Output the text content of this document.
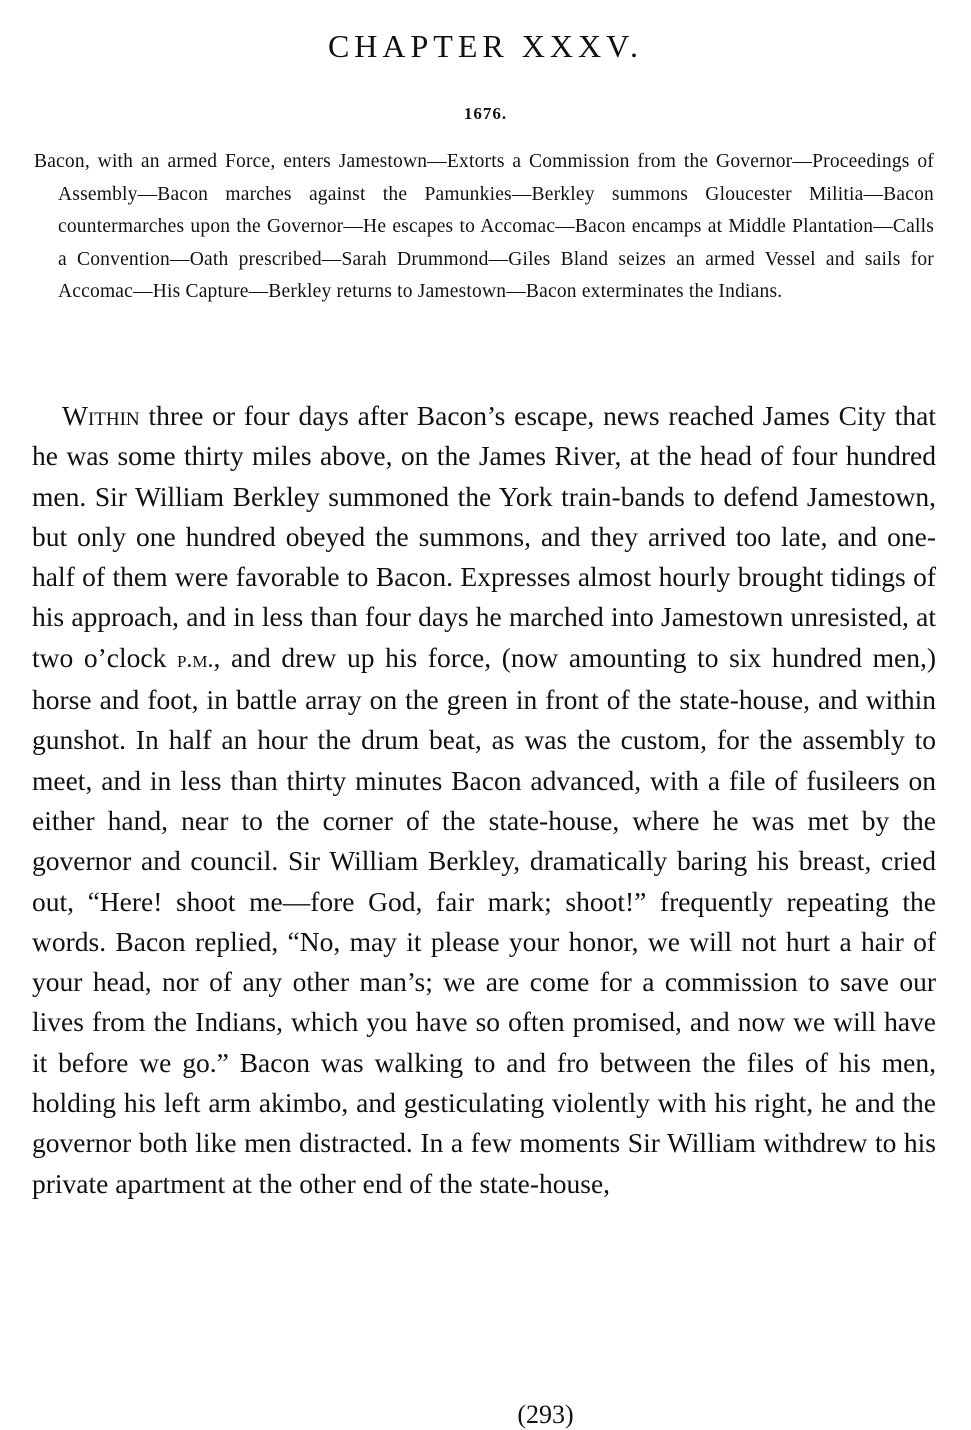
CHAPTER XXXV.
1676.

Bacon, with an armed Force, enters Jamestown—Extorts a Commission from the Governor—Proceedings of Assembly—Bacon marches against the Pamunkies—Berkley summons Gloucester Militia—Bacon countermarches upon the Governor—He escapes to Accomac—Bacon encamps at Middle Plantation—Calls a Convention—Oath prescribed—Sarah Drummond—Giles Bland seizes an armed Vessel and sails for Accomac—His Capture—Berkley returns to Jamestown—Bacon exterminates the Indians.

Within three or four days after Bacon’s escape, news reached James City that he was some thirty miles above, on the James River, at the head of four hundred men. Sir William Berkley summoned the York train-bands to defend Jamestown, but only one hundred obeyed the summons, and they arrived too late, and one-half of them were favorable to Bacon. Expresses almost hourly brought tidings of his approach, and in less than four days he marched into Jamestown unresisted, at two o’clock p.m., and drew up his force, (now amounting to six hundred men,) horse and foot, in battle array on the green in front of the state-house, and within gunshot. In half an hour the drum beat, as was the custom, for the assembly to meet, and in less than thirty minutes Bacon advanced, with a file of fusileers on either hand, near to the corner of the state-house, where he was met by the governor and council. Sir William Berkley, dramatically baring his breast, cried out, “Here! shoot me—fore God, fair mark; shoot!” frequently repeating the words. Bacon replied, “No, may it please your honor, we will not hurt a hair of your head, nor of any other man’s; we are come for a commission to save our lives from the Indians, which you have so often promised, and now we will have it before we go.” Bacon was walking to and fro between the files of his men, holding his left arm akimbo, and gesticulating violently with his right, he and the governor both like men distracted. In a few moments Sir William withdrew to his private apartment at the other end of the state-house,

(293)
